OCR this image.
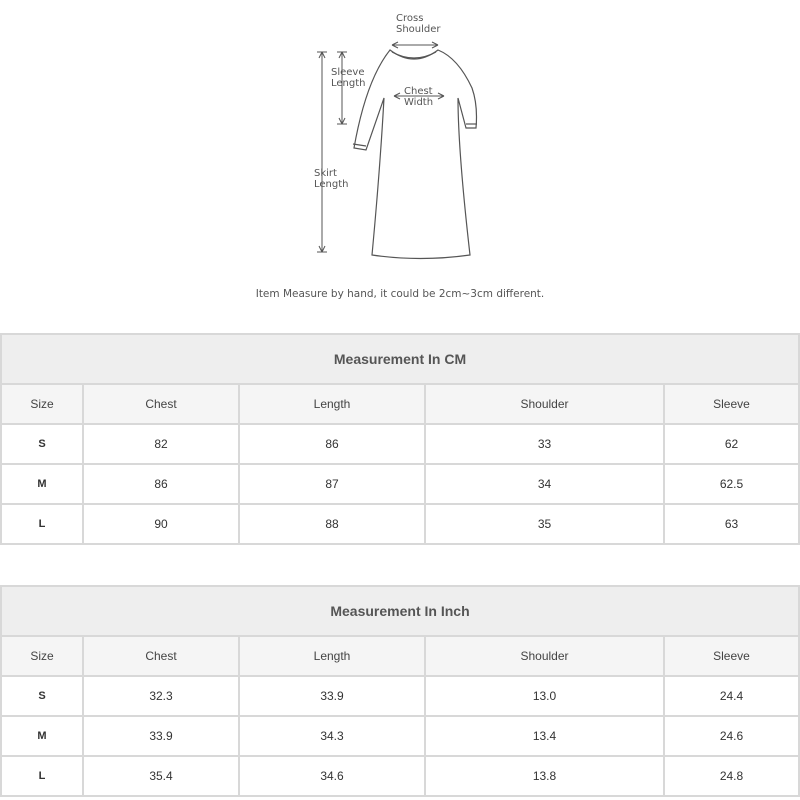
Cross
Shoulder
Sleeve
Length
Chest
Width
Skirt
Length
Item Measure by hand, it could be 2cm~3cm different.
Measurement In CM				
Size	Chest	Length	Shoulder	Sleeve
S	82	86	33	62
M	86	87	34	62.5
L	90	88	35	63
Measurement In Inch				
Size	Chest	Length	Shoulder	Sleeve
S	32.3	33.9	13.0	24.4
M	33.9	34.3	13.4	24.6
L	35.4	34.6	13.8	24.8
